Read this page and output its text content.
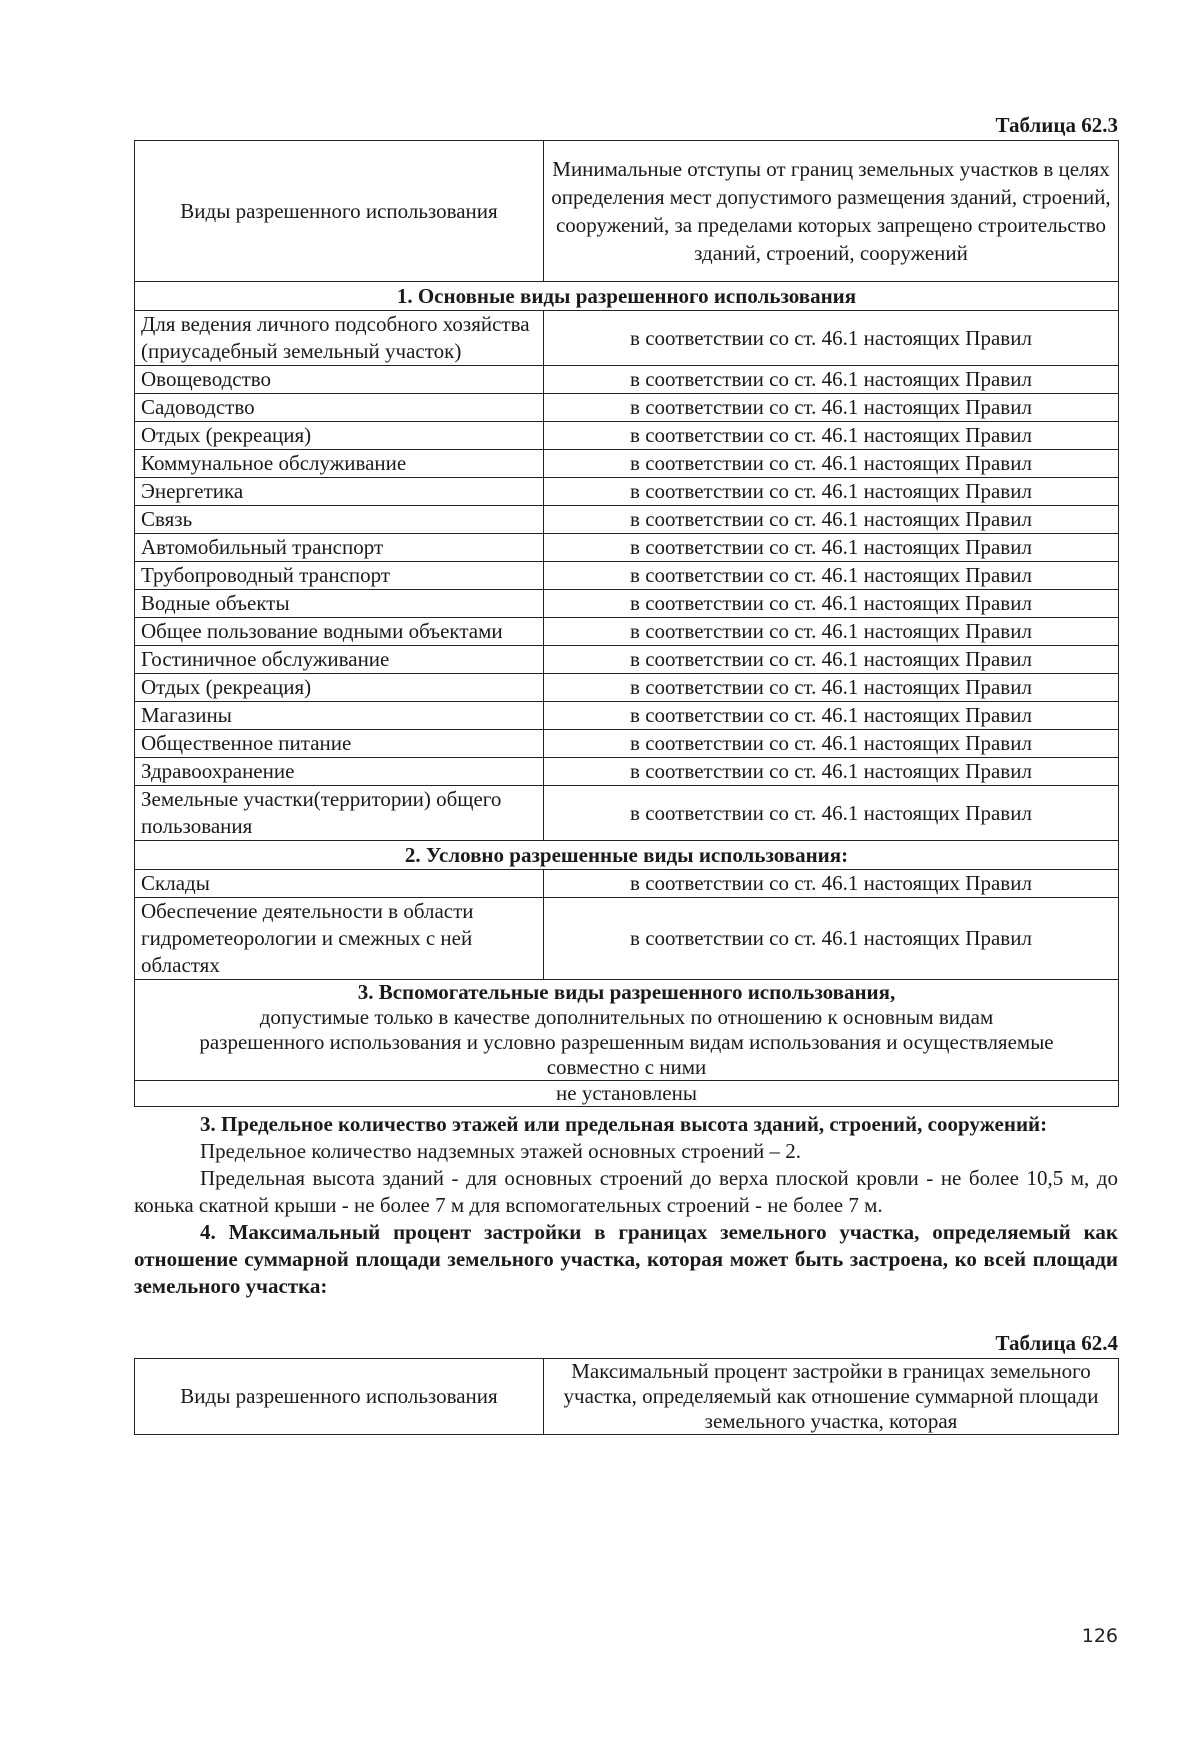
Таблица 62.3
Виды разрешенного использования	Минимальные отступы от границ земельных участков в целях определения мест допустимого размещения зданий, строений, сооружений, за пределами которых запрещено строительство зданий, строений, сооружений
1. Основные виды разрешенного использования	
Для ведения личного подсобного хозяйства (приусадебный земельный участок)	в соответствии со ст. 46.1 настоящих Правил
Овощеводство	в соответствии со ст. 46.1 настоящих Правил
Садоводство	в соответствии со ст. 46.1 настоящих Правил
Отдых (рекреация)	в соответствии со ст. 46.1 настоящих Правил
Коммунальное обслуживание	в соответствии со ст. 46.1 настоящих Правил
Энергетика	в соответствии со ст. 46.1 настоящих Правил
Связь	в соответствии со ст. 46.1 настоящих Правил
Автомобильный транспорт	в соответствии со ст. 46.1 настоящих Правил
Трубопроводный транспорт	в соответствии со ст. 46.1 настоящих Правил
Водные объекты	в соответствии со ст. 46.1 настоящих Правил
Общее пользование водными объектами	в соответствии со ст. 46.1 настоящих Правил
Гостиничное обслуживание	в соответствии со ст. 46.1 настоящих Правил
Отдых (рекреация)	в соответствии со ст. 46.1 настоящих Правил
Магазины	в соответствии со ст. 46.1 настоящих Правил
Общественное питание	в соответствии со ст. 46.1 настоящих Правил
Здравоохранение	в соответствии со ст. 46.1 настоящих Правил
Земельные участки(территории) общего пользования	в соответствии со ст. 46.1 настоящих Правил
2. Условно разрешенные виды использования:	
Склады	в соответствии со ст. 46.1 настоящих Правил
Обеспечение деятельности в области гидрометеорологии и смежных с ней областях	в соответствии со ст. 46.1 настоящих Правил

3. Вспомогательные виды разрешенного использования,
допустимые только в качестве дополнительных по отношению к основным видам разрешенного использования и условно разрешенным видам использования и осуществляемые совместно с ними	

не установлены	
3. Предельное количество этажей или предельная высота зданий, строений, сооружений:
Предельное количество надземных этажей основных строений – 2.
Предельная высота зданий - для основных строений до верха плоской кровли - не более 10,5 м, до конька скатной крыши - не более 7 м для вспомогательных строений - не более 7 м.
4. Максимальный процент застройки в границах земельного участка, определяемый как отношение суммарной площади земельного участка, которая может быть застроена, ко всей площади земельного участка:
Таблица 62.4
Виды разрешенного использования	Максимальный процент застройки в границах земельного участка, определяемый как отношение суммарной площади земельного участка, которая
126
